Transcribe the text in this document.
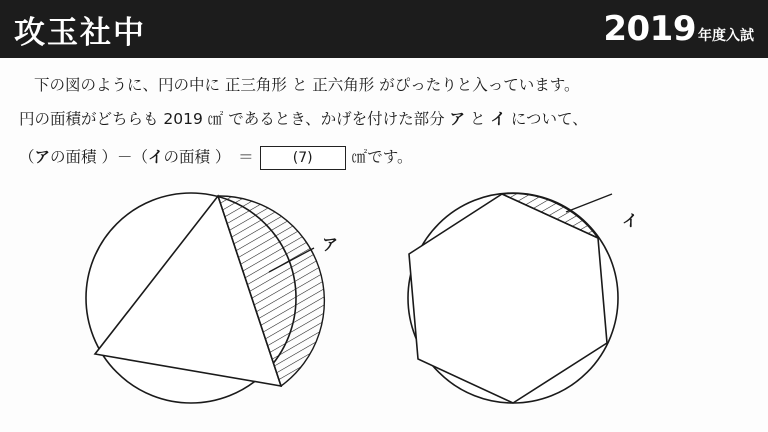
攻玉社中	2019 年度入試
下の図のように、円の中に 正三角形 と 正六角形 がぴったりと入っています。
円の面積がどちらも 2019 ㎠ であるとき、かげを付けた部分 ア と イ について、
（ ア の面積 ）－（ イ の面積 ）　＝	(7)	㎠ です。
ア
イ
